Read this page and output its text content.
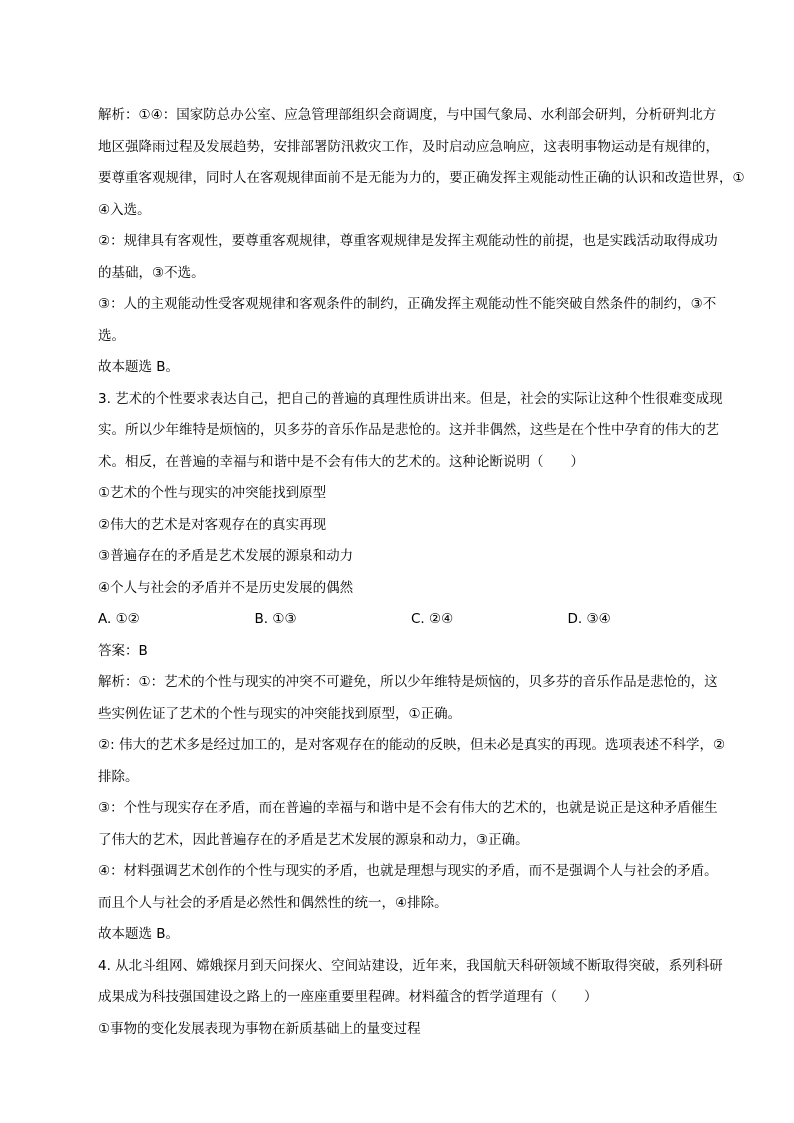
解析：①④：国家防总办公室、应急管理部组织会商调度，与中国气象局、水利部会研判，分析研判北方
地区强降雨过程及发展趋势，安排部署防汛救灾工作，及时启动应急响应，这表明事物运动是有规律的，
要尊重客观规律，同时人在客观规律面前不是无能为力的，要正确发挥主观能动性正确的认识和改造世界，①
④入选。
②：规律具有客观性，要尊重客观规律，尊重客观规律是发挥主观能动性的前提，也是实践活动取得成功
的基础，③不选。
③：人的主观能动性受客观规律和客观条件的制约，正确发挥主观能动性不能突破自然条件的制约，③不
选。
故本题选 B。
3. 艺术的个性要求表达自己，把自己的普遍的真理性质讲出来。但是，社会的实际让这种个性很难变成现
实。所以少年维特是烦恼的，贝多芬的音乐作品是悲怆的。这并非偶然，这些是在个性中孕育的伟大的艺
术。相反，在普遍的幸福与和谐中是不会有伟大的艺术的。这种论断说明（　　）
①艺术的个性与现实的冲突能找到原型
②伟大的艺术是对客观存在的真实再现
③普遍存在的矛盾是艺术发展的源泉和动力
④个人与社会的矛盾并不是历史发展的偶然
A. ①②	B. ①③	C. ②④	D. ③④
答案：B
解析：①：艺术的个性与现实的冲突不可避免，所以少年维特是烦恼的，贝多芬的音乐作品是悲怆的，这
些实例佐证了艺术的个性与现实的冲突能找到原型，①正确。
②: 伟大的艺术多是经过加工的，是对客观存在的能动的反映，但未必是真实的再现。选项表述不科学，②
排除。
③：个性与现实存在矛盾，而在普遍的幸福与和谐中是不会有伟大的艺术的，也就是说正是这种矛盾催生
了伟大的艺术，因此普遍存在的矛盾是艺术发展的源泉和动力，③正确。
④：材料强调艺术创作的个性与现实的矛盾，也就是理想与现实的矛盾，而不是强调个人与社会的矛盾。
而且个人与社会的矛盾是必然性和偶然性的统一，④排除。
故本题选 B。
4. 从北斗组网、嫦娥探月到天问探火、空间站建设，近年来，我国航天科研领域不断取得突破，系列科研
成果成为科技强国建设之路上的一座座重要里程碑。材料蕴含的哲学道理有（　　）
①事物的变化发展表现为事物在新质基础上的量变过程
